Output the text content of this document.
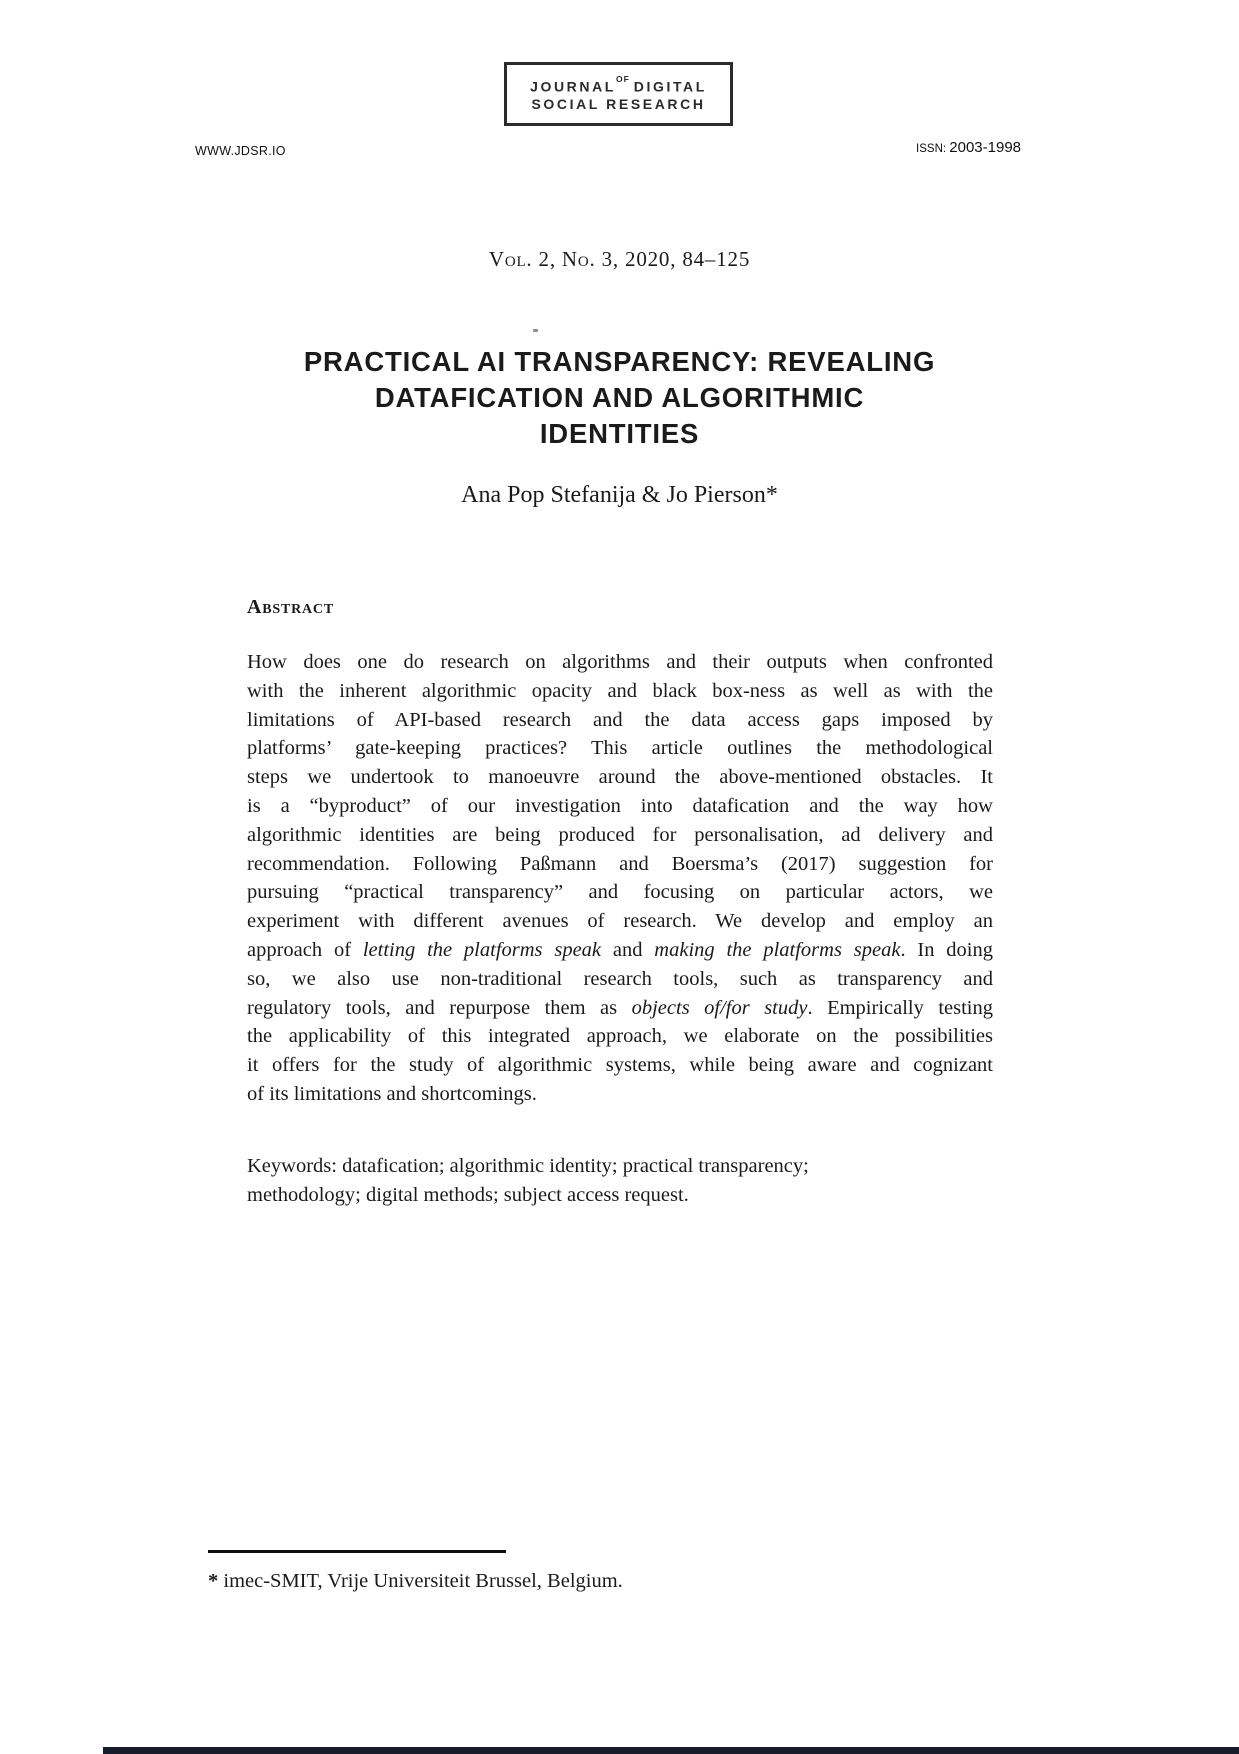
$JOURNAL^{OF}$ DIGITAL
SOCIAL RESEARCH
WWW.JDSR.IO	ISSN: 2003-1998
Vol. 2, No. 3, 2020, 84–125
PRACTICAL AI TRANSPARENCY: REVEALING
DATAFICATION AND ALGORITHMIC
IDENTITIES
Ana Pop Stefanija & Jo Pierson*
Abstract
How does one do research on algorithms and their outputs when confronted
with the inherent algorithmic opacity and black box-ness as well as with the
limitations of API-based research and the data access gaps imposed by
platforms’ gate-keeping practices? This article outlines the methodological
steps we undertook to manoeuvre around the above-mentioned obstacles. It
is a “byproduct” of our investigation into datafication and the way how
algorithmic identities are being produced for personalisation, ad delivery and
recommendation. Following Paßmann and Boersma’s (2017) suggestion for
pursuing “practical transparency” and focusing on particular actors, we
experiment with different avenues of research. We develop and employ an
approach of letting the platforms speak and making the platforms speak. In doing
so, we also use non-traditional research tools, such as transparency and
regulatory tools, and repurpose them as objects of/for study. Empirically testing
the applicability of this integrated approach, we elaborate on the possibilities
it offers for the study of algorithmic systems, while being aware and cognizant
of its limitations and shortcomings.
Keywords: datafication; algorithmic identity; practical transparency;
methodology; digital methods; subject access request.
* imec-SMIT, Vrije Universiteit Brussel, Belgium.
